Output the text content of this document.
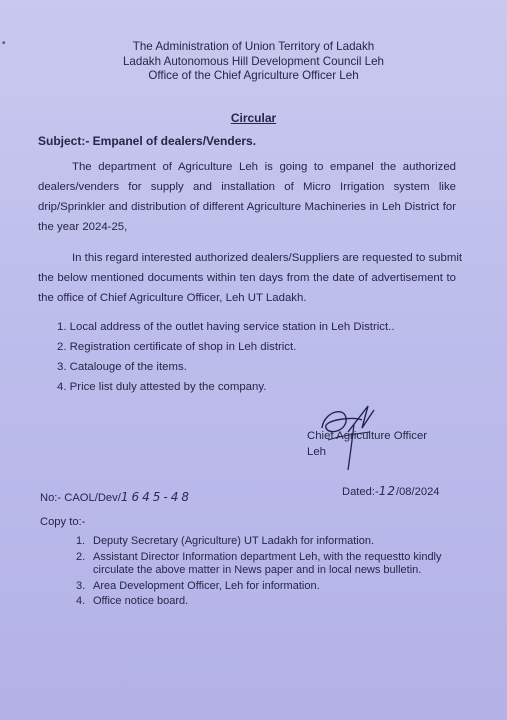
•	The Administration of Union Territory of Ladakh
Ladakh Autonomous Hill Development Council Leh
Office of the Chief Agriculture Officer Leh
Circular
Subject:- Empanel of dealers/Venders.
The department of Agriculture Leh is going to empanel the authorized
dealers/venders for supply and installation of Micro Irrigation system like
drip/Sprinkler and distribution of different Agriculture Machineries in Leh District for
the year 2024-25,
In this regard interested authorized dealers/Suppliers are requested to submit
the below mentioned documents within ten days from the date of advertisement to
the office of Chief Agriculture Officer, Leh UT Ladakh.
1. Local address of the outlet having service station in Leh District..
2. Registration certificate of shop in Leh district.
3. Catalouge of the items.
4. Price list duly attested by the company.
Chief Agriculture Officer
Leh
No:- CAOL/Dev/1645-48	Dated:-12/08/2024
Copy to:-
1. Deputy Secretary (Agriculture) UT Ladakh for information.
2. Assistant Director Information department Leh, with the requestto kindly circulate the above matter in News paper and in local news bulletin.
3. Area Development Officer, Leh for information.
4. Office notice board.
